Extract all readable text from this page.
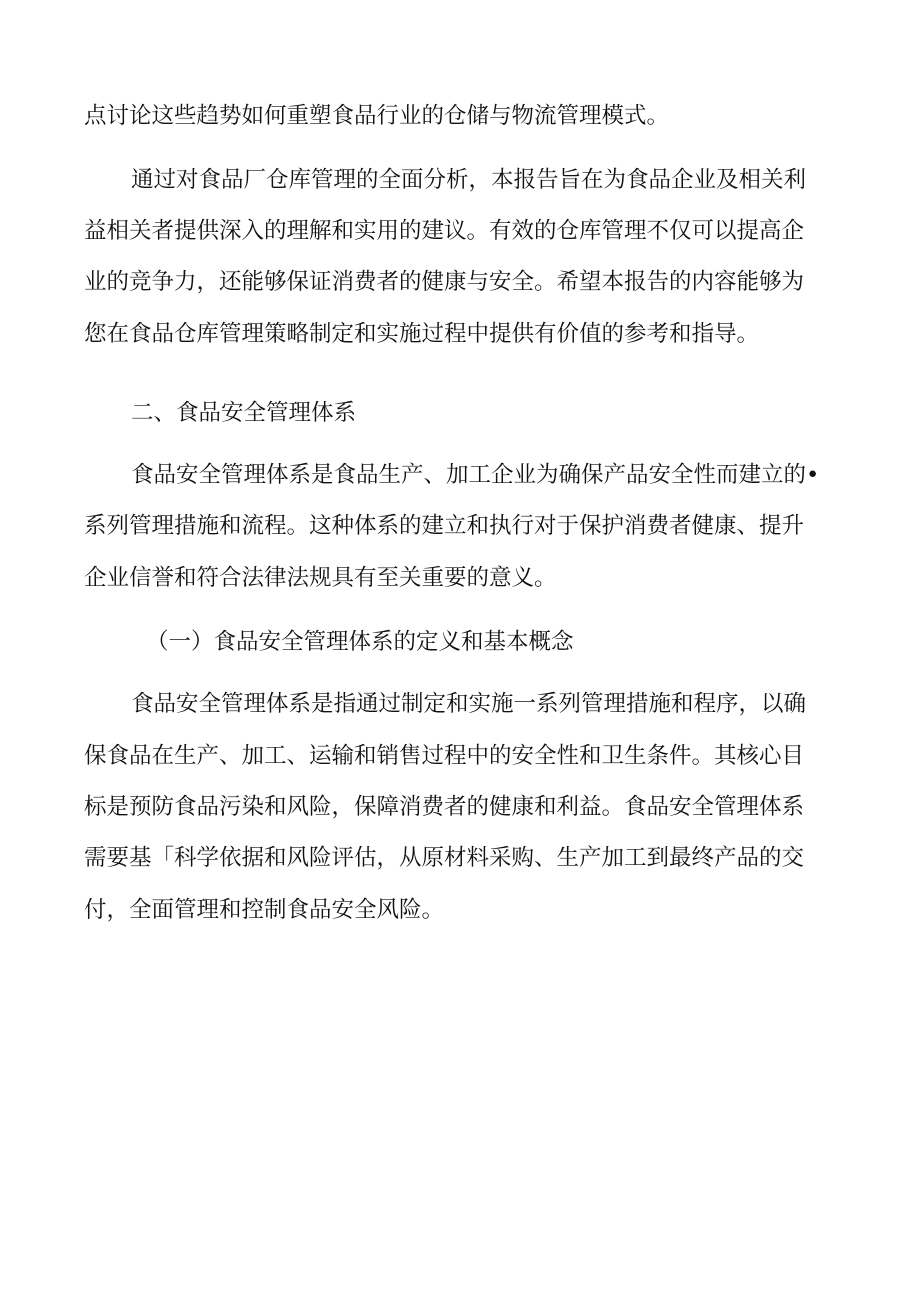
点讨论这些趋势如何重塑食品行业的仓储与物流管理模式。
通过对食品厂仓库管理的全面分析，本报告旨在为食品企业及相关利
益相关者提供深入的理解和实用的建议。有效的仓库管理不仅可以提高企
业的竞争力，还能够保证消费者的健康与安全。希望本报告的内容能够为
您在食品仓库管理策略制定和实施过程中提供有价值的参考和指导。
二、食品安全管理体系
食品安全管理体系是食品生产、加工企业为确保产品安全性而建立的•
系列管理措施和流程。这种体系的建立和执行对于保护消费者健康、提升
企业信誉和符合法律法规具有至关重要的意义。
（一）食品安全管理体系的定义和基本概念
食品安全管理体系是指通过制定和实施一系列管理措施和程序，以确
保食品在生产、加工、运输和销售过程中的安全性和卫生条件。其核心目
标是预防食品污染和风险，保障消费者的健康和利益。食品安全管理体系
需要基「科学依据和风险评估，从原材料采购、生产加工到最终产品的交
付，全面管理和控制食品安全风险。
